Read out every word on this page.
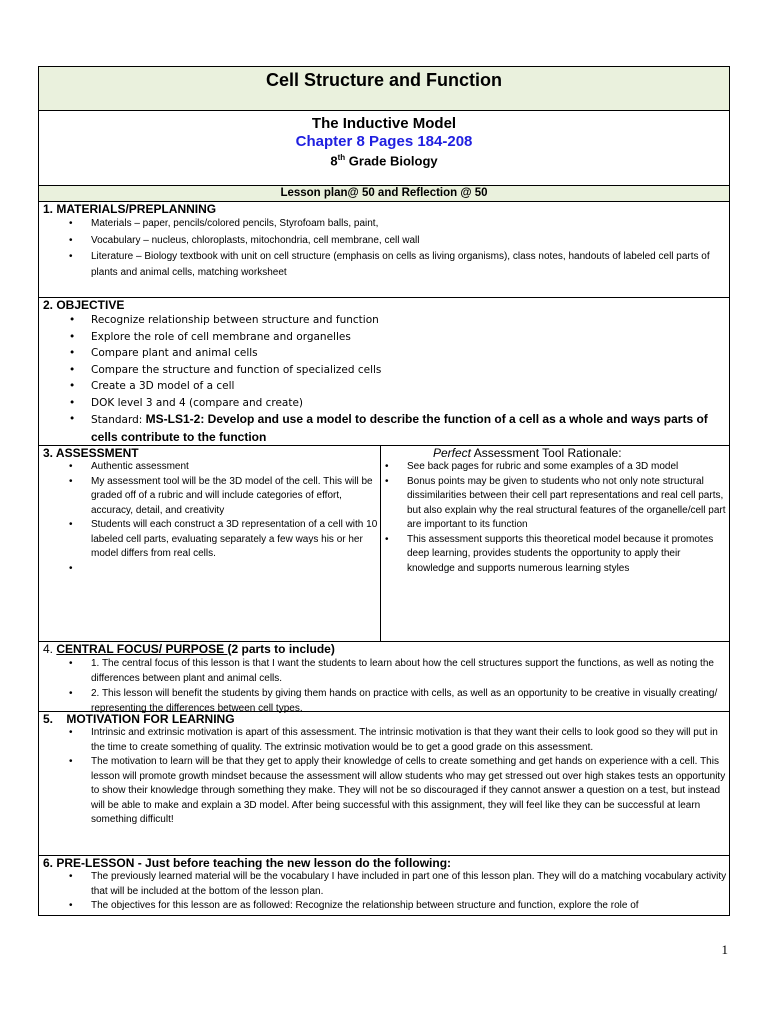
Cell Structure and Function
The Inductive Model
Chapter 8 Pages 184-208
8th Grade Biology
Lesson plan@ 50 and Reflection @ 50
1. MATERIALS/PREPLANNING
• Materials – paper, pencils/colored pencils, Styrofoam balls, paint,
• Vocabulary – nucleus, chloroplasts, mitochondria, cell membrane, cell wall
• Literature – Biology textbook with unit on cell structure (emphasis on cells as living organisms), class notes, handouts of labeled cell parts of plants and animal cells, matching worksheet
2. OBJECTIVE
• Recognize relationship between structure and function
• Explore the role of cell membrane and organelles
• Compare plant and animal cells
• Compare the structure and function of specialized cells
• Create a 3D model of a cell
• DOK level 3 and 4 (compare and create)
• Standard: MS-LS1-2: Develop and use a model to describe the function of a cell as a whole and ways parts of cells contribute to the function
3. ASSESSMENT
• Authentic assessment
• My assessment tool will be the 3D model of the cell. This will be graded off of a rubric and will include categories of effort, accuracy, detail, and creativity
• Students will each construct a 3D representation of a cell with 10 labeled cell parts, evaluating separately a few ways his or her model differs from real cells.
Perfect Assessment Tool Rationale:
• See back pages for rubric and some examples of a 3D model
• Bonus points may be given to students who not only note structural dissimilarities between their cell part representations and real cell parts, but also explain why the real structural features of the organelle/cell part are important to its function
• This assessment supports this theoretical model because it promotes deep learning, provides students the opportunity to apply their knowledge and supports numerous learning styles
4. CENTRAL FOCUS/ PURPOSE (2 parts to include)
• 1. The central focus of this lesson is that I want the students to learn about how the cell structures support the functions, as well as noting the differences between plant and animal cells.
• 2. This lesson will benefit the students by giving them hands on practice with cells, as well as an opportunity to be creative in visually creating/ representing the differences between cell types.
5.    MOTIVATION FOR LEARNING
• Intrinsic and extrinsic motivation is apart of this assessment. The intrinsic motivation is that they want their cells to look good so they will put in the time to create something of quality. The extrinsic motivation would be to get a good grade on this assessment.
• The motivation to learn will be that they get to apply their knowledge of cells to create something and get hands on experience with a cell. This lesson will promote growth mindset because the assessment will allow students who may get stressed out over high stakes tests an opportunity to show their knowledge through something they make. They will not be so discouraged if they cannot answer a question on a test, but instead will be able to make and explain a 3D model. After being successful with this assignment, they will feel like they can be successful at learn something difficult!
6. PRE-LESSON - Just before teaching the new lesson do the following:
• The previously learned material will be the vocabulary I have included in part one of this lesson plan. They will do a matching vocabulary activity that will be included at the bottom of the lesson plan.
• The objectives for this lesson are as followed: Recognize the relationship between structure and function, explore the role of
1
